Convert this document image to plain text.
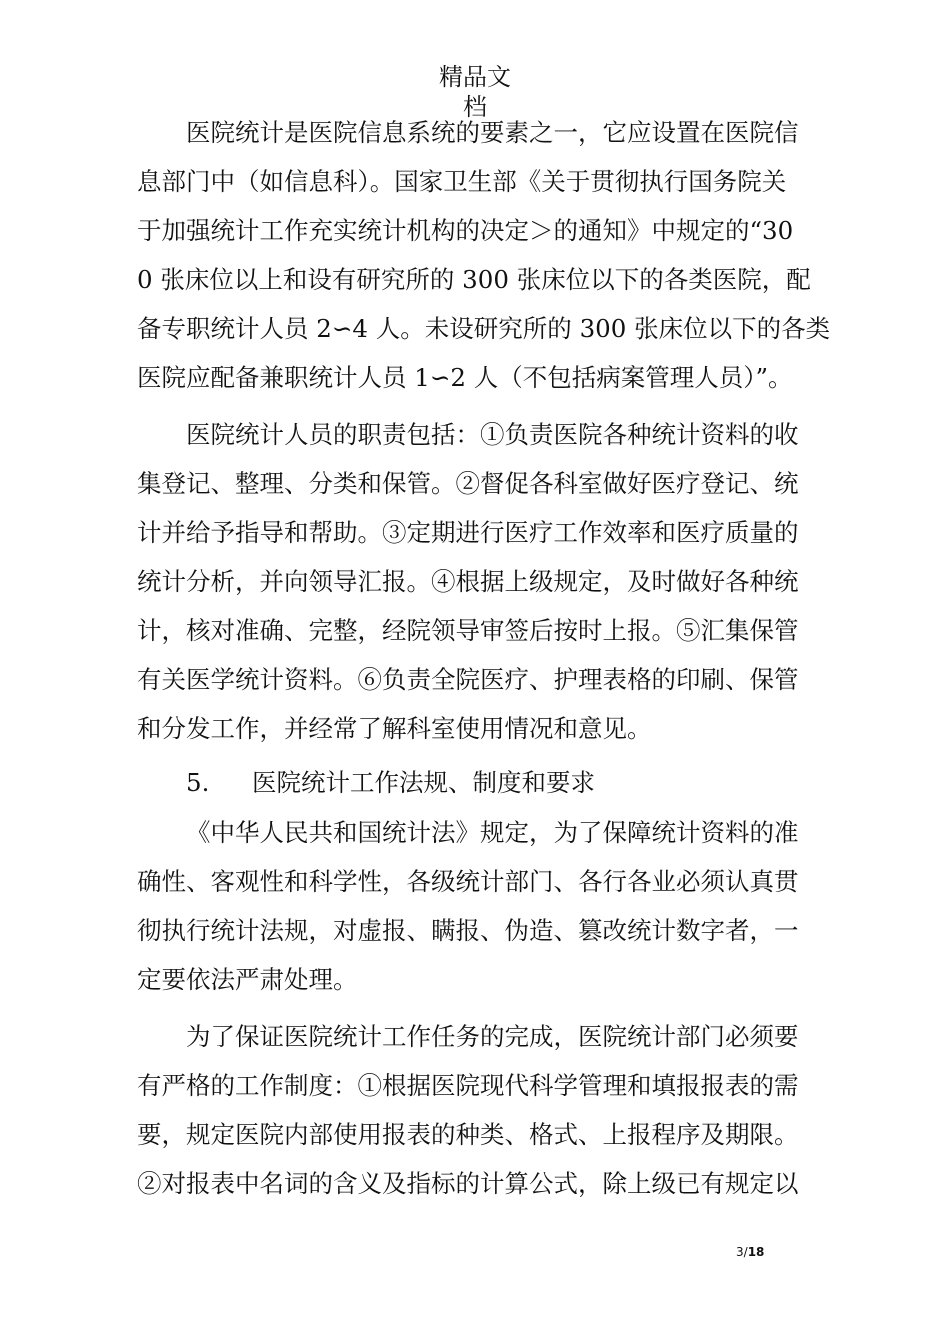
精品文
档

医院统计是医院信息系统的要素之一，它应设置在医院信
息部门中（如信息科）。国家卫生部《关于贯彻执行国务院关
于加强统计工作充实统计机构的决定＞的通知》中规定的“30
0 张床位以上和设有研究所的 300 张床位以下的各类医院，配
备专职统计人员 2∽4 人。未设研究所的 300 张床位以下的各类
医院应配备兼职统计人员 1∽2 人（不包括病案管理人员）”。

医院统计人员的职责包括：①负责医院各种统计资料的收
集登记、整理、分类和保管。②督促各科室做好医疗登记、统
计并给予指导和帮助。③定期进行医疗工作效率和医疗质量的
统计分析，并向领导汇报。④根据上级规定，及时做好各种统
计，核对准确、完整，经院领导审签后按时上报。⑤汇集保管
有关医学统计资料。⑥负责全院医疗、护理表格的印刷、保管
和分发工作，并经常了解科室使用情况和意见。

5. 医院统计工作法规、制度和要求

《中华人民共和国统计法》规定，为了保障统计资料的准
确性、客观性和科学性，各级统计部门、各行各业必须认真贯
彻执行统计法规，对虚报、瞒报、伪造、篡改统计数字者，一
定要依法严肃处理。

为了保证医院统计工作任务的完成，医院统计部门必须要
有严格的工作制度：①根据医院现代科学管理和填报报表的需
要，规定医院内部使用报表的种类、格式、上报程序及期限。
②对报表中名词的含义及指标的计算公式，除上级已有规定以

3/18
